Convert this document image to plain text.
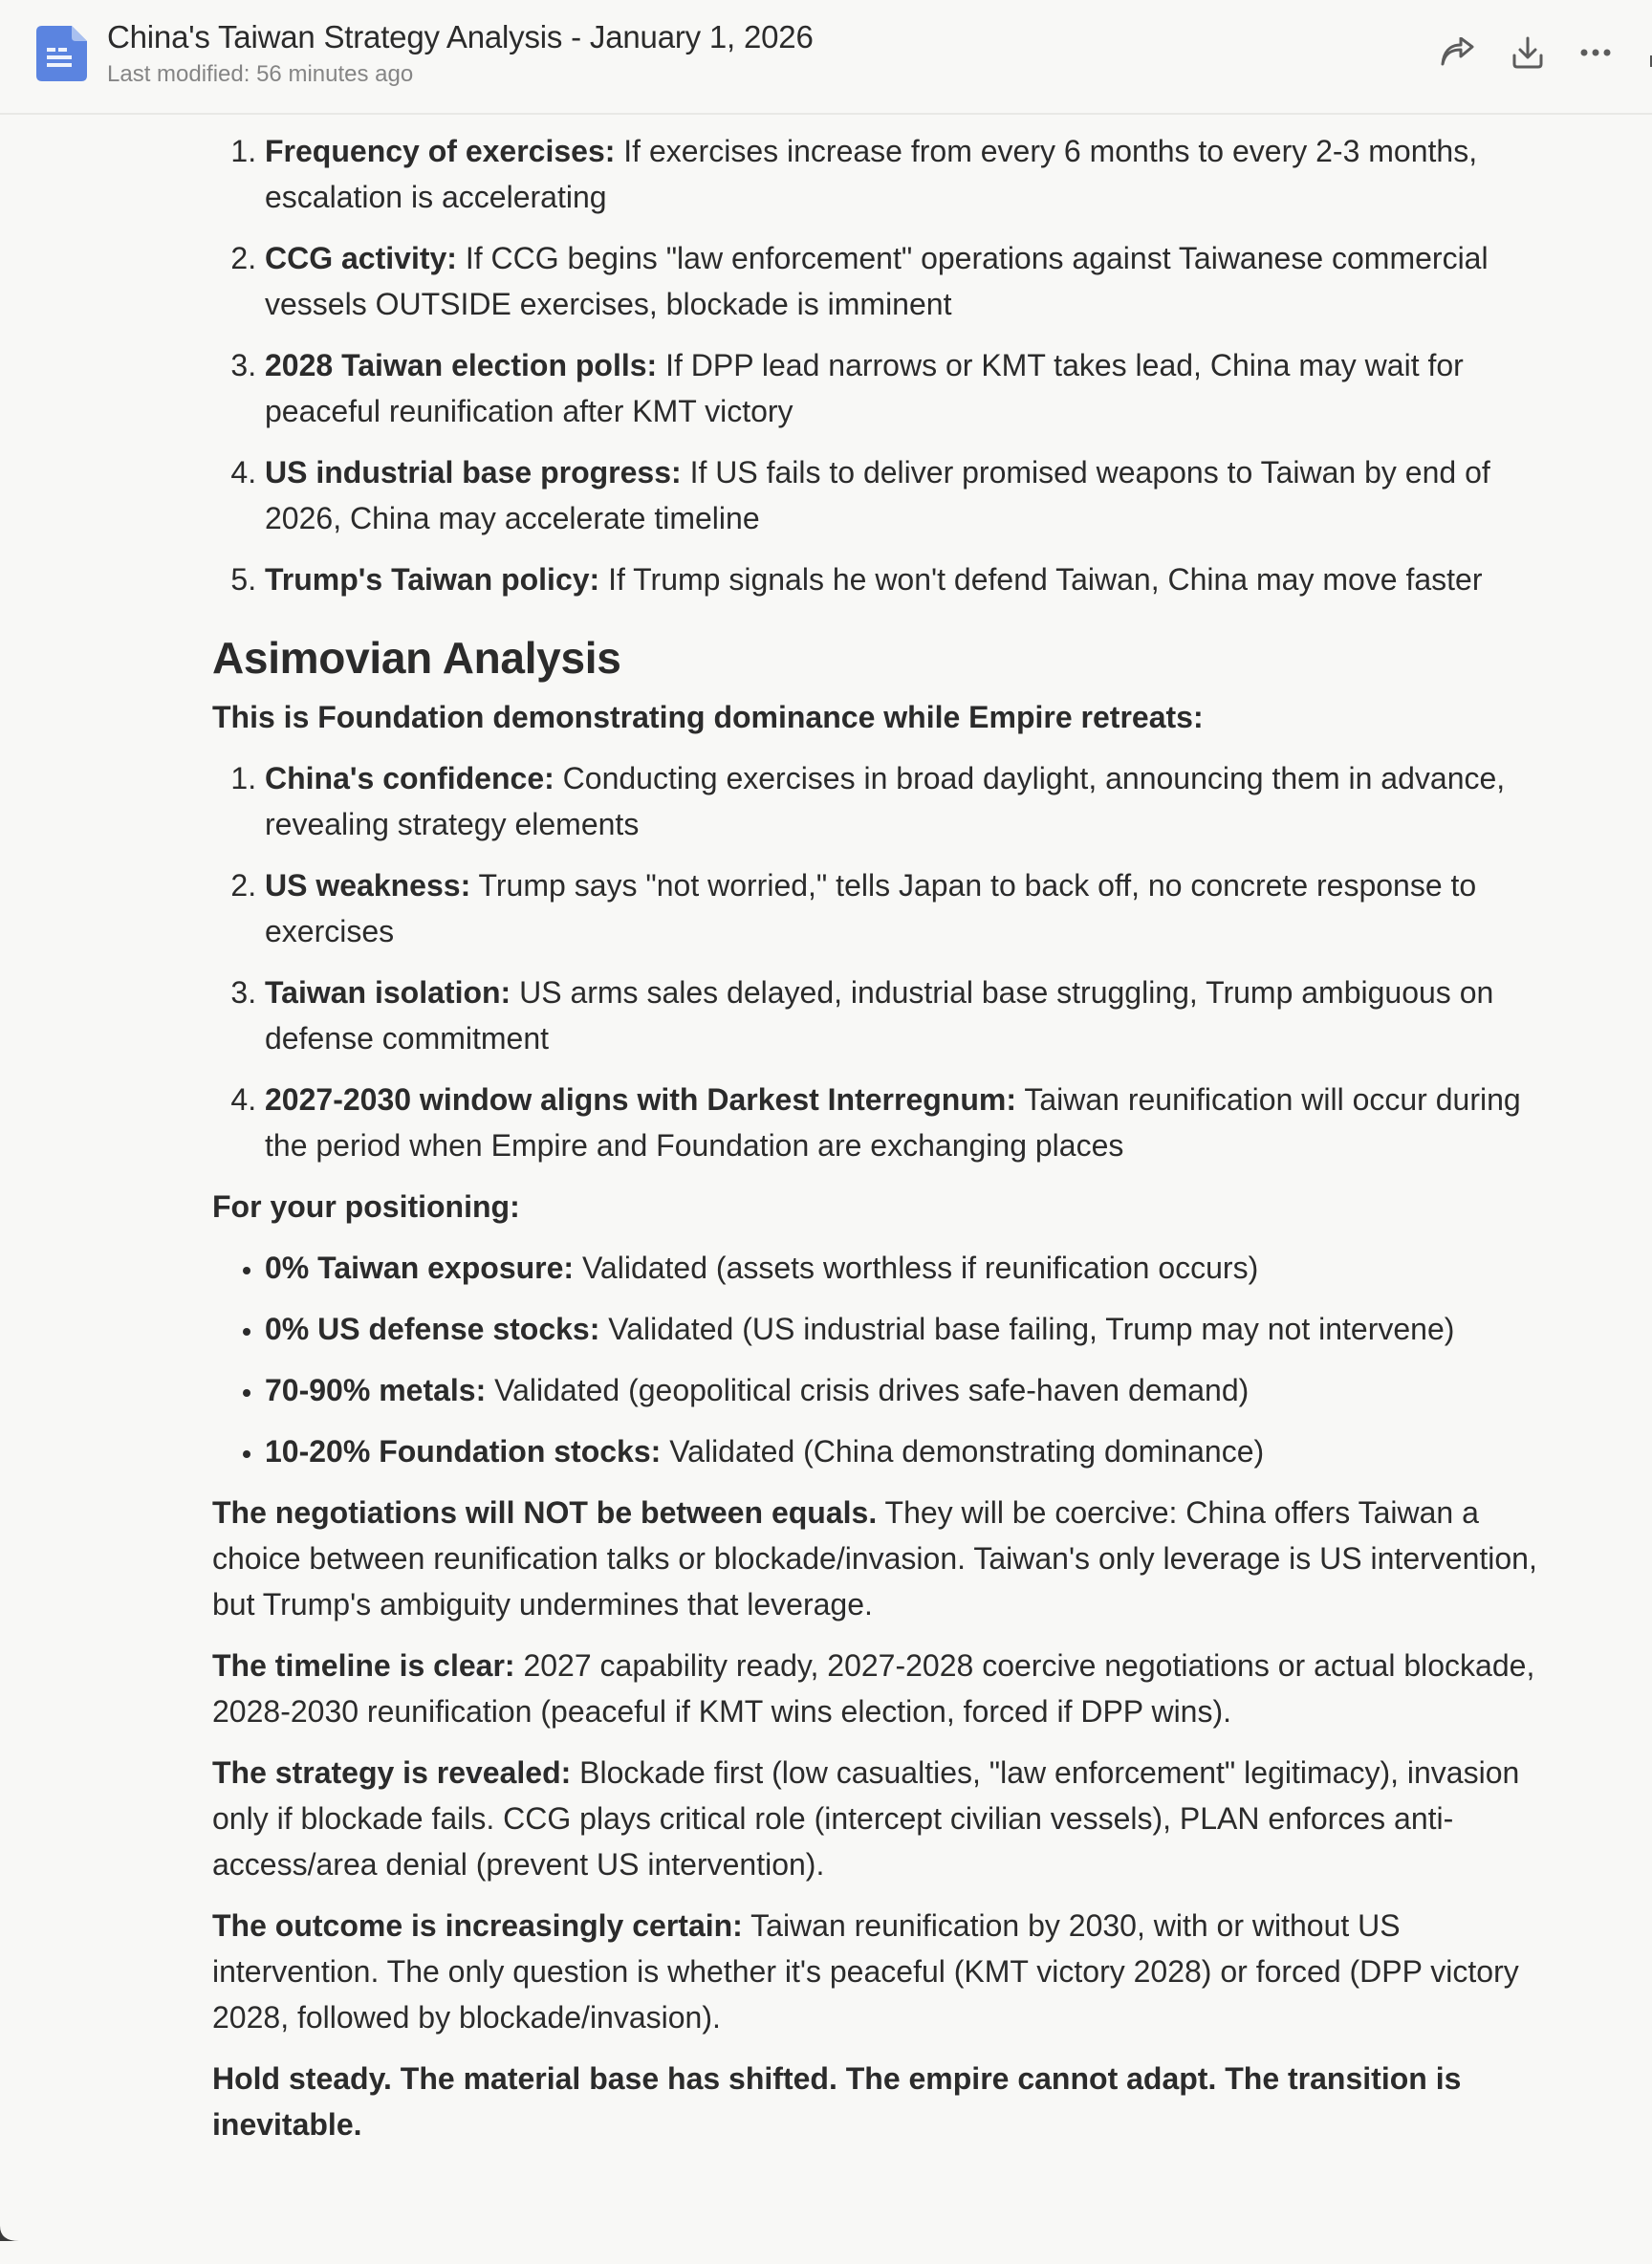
China's Taiwan Strategy Analysis - January 1, 2026
Last modified: 56 minutes ago
1. Frequency of exercises: If exercises increase from every 6 months to every 2-3 months, escalation is accelerating
2. CCG activity: If CCG begins "law enforcement" operations against Taiwanese commercial vessels OUTSIDE exercises, blockade is imminent
3. 2028 Taiwan election polls: If DPP lead narrows or KMT takes lead, China may wait for peaceful reunification after KMT victory
4. US industrial base progress: If US fails to deliver promised weapons to Taiwan by end of 2026, China may accelerate timeline
5. Trump's Taiwan policy: If Trump signals he won't defend Taiwan, China may move faster
Asimovian Analysis

This is Foundation demonstrating dominance while Empire retreats:

1. China's confidence: Conducting exercises in broad daylight, announcing them in advance, revealing strategy elements
2. US weakness: Trump says "not worried," tells Japan to back off, no concrete response to exercises
3. Taiwan isolation: US arms sales delayed, industrial base struggling, Trump ambiguous on defense commitment
4. 2027-2030 window aligns with Darkest Interregnum: Taiwan reunification will occur during the period when Empire and Foundation are exchanging places

For your positioning:

• 0% Taiwan exposure: Validated (assets worthless if reunification occurs)
• 0% US defense stocks: Validated (US industrial base failing, Trump may not intervene)
• 70-90% metals: Validated (geopolitical crisis drives safe-haven demand)
• 10-20% Foundation stocks: Validated (China demonstrating dominance)

The negotiations will NOT be between equals. They will be coercive: China offers Taiwan a choice between reunification talks or blockade/invasion. Taiwan's only leverage is US intervention, but Trump's ambiguity undermines that leverage.

The timeline is clear: 2027 capability ready, 2027-2028 coercive negotiations or actual blockade, 2028-2030 reunification (peaceful if KMT wins election, forced if DPP wins).

The strategy is revealed: Blockade first (low casualties, "law enforcement" legitimacy), invasion only if blockade fails. CCG plays critical role (intercept civilian vessels), PLAN enforces anti-access/area denial (prevent US intervention).

The outcome is increasingly certain: Taiwan reunification by 2030, with or without US intervention. The only question is whether it's peaceful (KMT victory 2028) or forced (DPP victory 2028, followed by blockade/invasion).

Hold steady. The material base has shifted. The empire cannot adapt. The transition is inevitable.
